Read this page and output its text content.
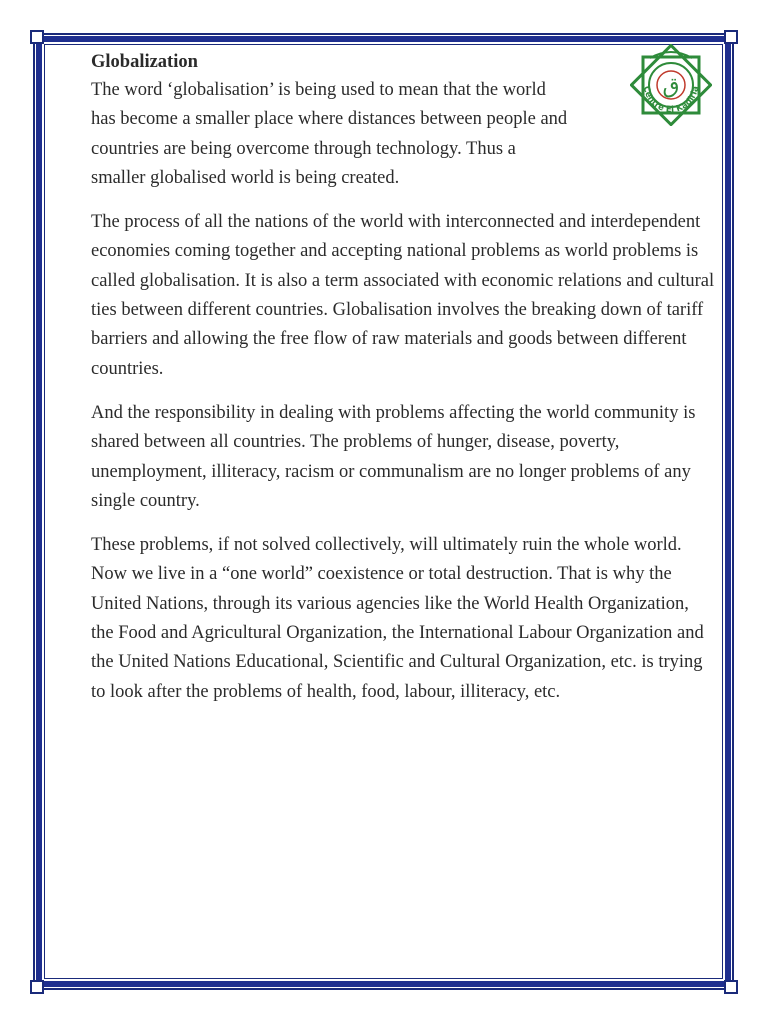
ق
Centre El Kadiria
Globalization
The word ‘globalisation’ is being used to mean that the world
has become a smaller place where distances between people and
countries are being overcome through technology. Thus a
smaller globalised world is being created.

The process of all the nations of the world with interconnected and interdependent economies coming together and accepting national problems as world problems is called globalisation. It is also a term associated with economic relations and cultural ties between different countries. Globalisation involves the breaking down of tariff barriers and allowing the free flow of raw materials and goods between different countries.

And the responsibility in dealing with problems affecting the world community is shared between all countries. The problems of hunger, disease, poverty, unemployment, illiteracy, racism or communalism are no longer problems of any single country.

These problems, if not solved collectively, will ultimately ruin the whole world. Now we live in a “one world” coexistence or total destruction. That is why the United Nations, through its various agencies like the World Health Organization, the Food and Agricultural Organization, the International Labour Organization and the United Nations Educational, Scientific and Cultural Organization, etc. is trying to look after the problems of health, food, labour, illiteracy, etc.
